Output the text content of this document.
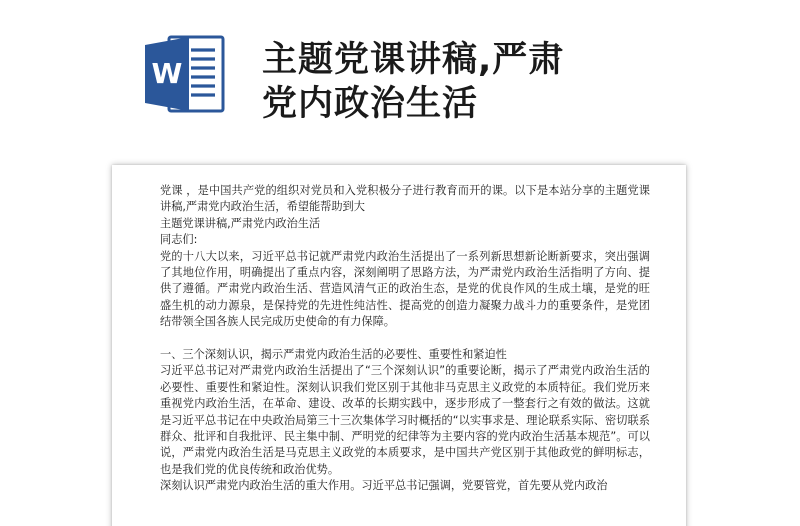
W 主题党课讲稿,严肃
党内政治生活
党课 ，是中国共产党的组织对党员和入党积极分子进行教育而开的课。以下是本站分享的主题党课讲稿,严肃党内政治生活，希望能帮助到大
主题党课讲稿,严肃党内政治生活
同志们:
党的十八大以来，习近平总书记就严肃党内政治生活提出了一系列新思想新论断新要求，突出强调了其地位作用，明确提出了重点内容，深刻阐明了思路方法，为严肃党内政治生活指明了方向、提供了遵循。严肃党内政治生活、营造风清气正的政治生态，是党的优良作风的生成土壤，是党的旺盛生机的动力源泉，是保持党的先进性纯洁性、提高党的创造力凝聚力战斗力的重要条件，是党团结带领全国各族人民完成历史使命的有力保障。
一、三个深刻认识，揭示严肃党内政治生活的必要性、重要性和紧迫性
习近平总书记对严肃党内政治生活提出了“三个深刻认识”的重要论断，揭示了严肃党内政治生活的必要性、重要性和紧迫性。深刻认识我们党区别于其他非马克思主义政党的本质特征。我们党历来重视党内政治生活，在革命、建设、改革的长期实践中，逐步形成了一整套行之有效的做法。这就是习近平总书记在中央政治局第三十三次集体学习时概括的“以实事求是、理论联系实际、密切联系群众、批评和自我批评、民主集中制、严明党的纪律等为主要内容的党内政治生活基本规范”。可以说，严肃党内政治生活是马克思主义政党的本质要求，是中国共产党区别于其他政党的鲜明标志，也是我们党的优良传统和政治优势。
深刻认识严肃党内政治生活的重大作用。习近平总书记强调，党要管党，首先要从党内政治
